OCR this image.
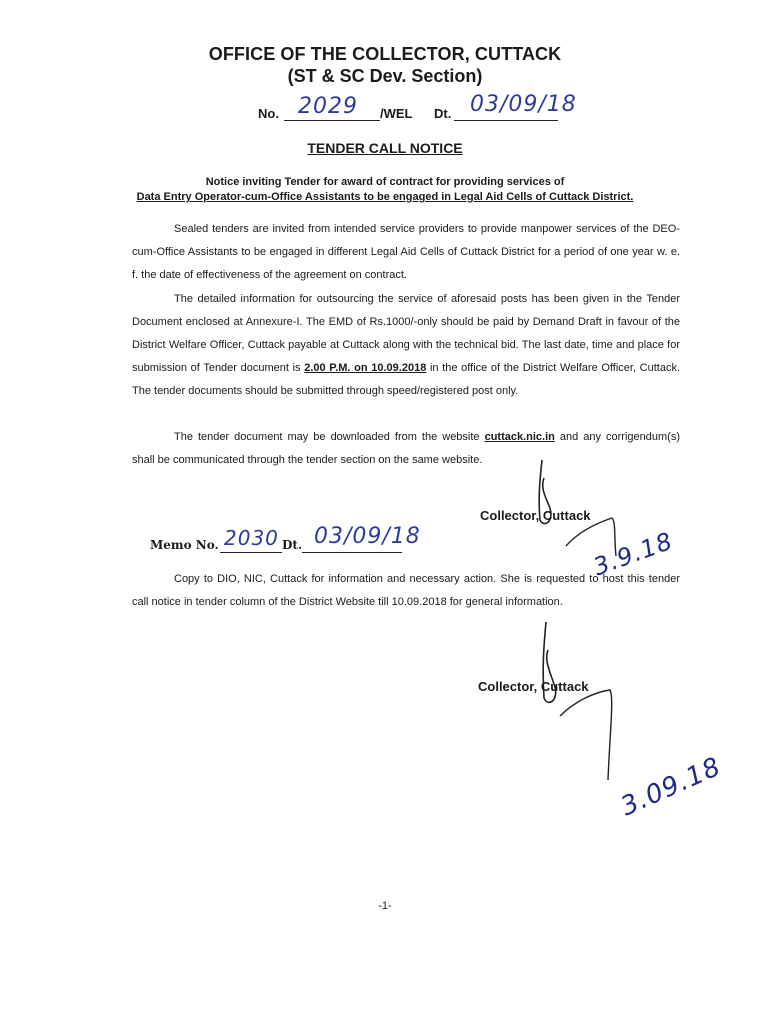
OFFICE OF THE COLLECTOR, CUTTACK
(ST & SC Dev. Section)
No. 2029 /WEL Dt. 03/09/18
TENDER CALL NOTICE
Notice inviting Tender for award of contract for providing services of
Data Entry Operator-cum-Office Assistants to be engaged in Legal Aid Cells of Cuttack District.

Sealed tenders are invited from intended service providers to provide manpower services of the DEO-cum-Office Assistants to be engaged in different Legal Aid Cells of Cuttack District for a period of one year w. e. f. the date of effectiveness of the agreement on contract.

The detailed information for outsourcing the service of aforesaid posts has been given in the Tender Document enclosed at Annexure-I. The EMD of Rs.1000/-only should be paid by Demand Draft in favour of the District Welfare Officer, Cuttack payable at Cuttack along with the technical bid. The last date, time and place for submission of Tender document is 2.00 P.M. on 10.09.2018 in the office of the District Welfare Officer, Cuttack. The tender documents should be submitted through speed/registered post only.

The tender document may be downloaded from the website cuttack.nic.in and any corrigendum(s) shall be communicated through the tender section on the same website.

Collector, Cuttack
3.9.18
Memo No. 2030 Dt. 03/09/18

Copy to DIO, NIC, Cuttack for information and necessary action. She is requested to host this tender call notice in tender column of the District Website till 10.09.2018 for general information.

Collector, Cuttack
3.09.18
-1-
